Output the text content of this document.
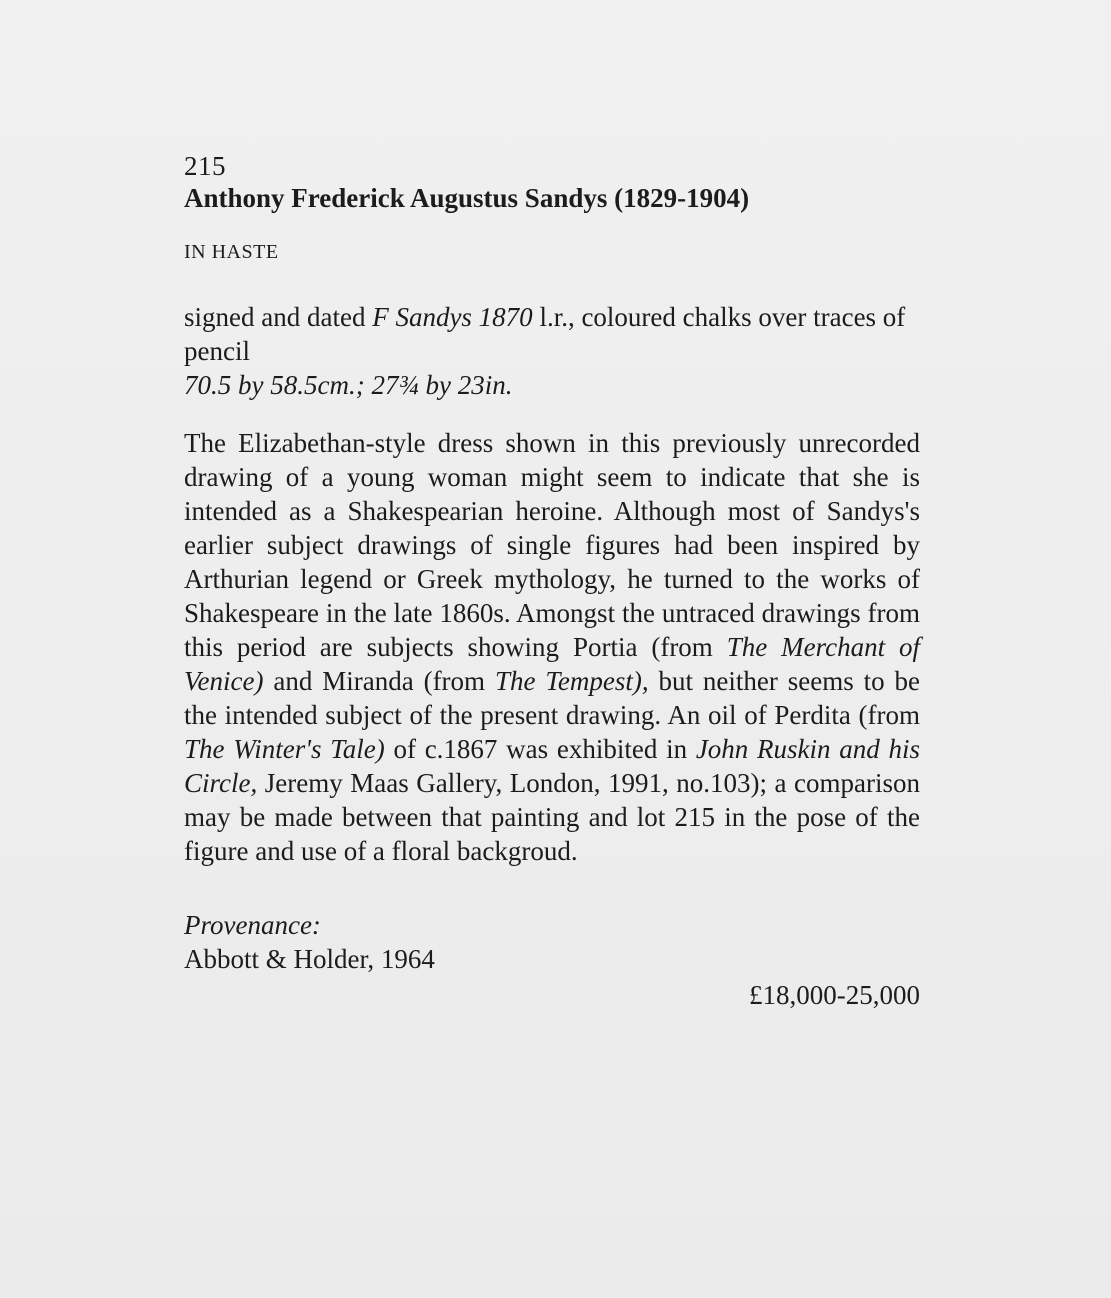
215
Anthony Frederick Augustus Sandys (1829-1904)
IN HASTE

signed and dated F Sandys 1870 l.r., coloured chalks over traces of pencil

70.5 by 58.5cm.; 27¾ by 23in.

The Elizabethan-style dress shown in this previously unrecorded drawing of a young woman might seem to indicate that she is intended as a Shakespearian heroine. Although most of Sandys's earlier subject drawings of single figures had been inspired by Arthurian legend or Greek mythology, he turned to the works of Shakespeare in the late 1860s. Amongst the untraced drawings from this period are subjects showing Portia (from The Merchant of Venice) and Miranda (from The Tempest), but neither seems to be the intended subject of the present drawing. An oil of Perdita (from The Winter's Tale) of c.1867 was exhibited in John Ruskin and his Circle, Jeremy Maas Gallery, London, 1991, no.103); a comparison may be made between that painting and lot 215 in the pose of the figure and use of a floral backgroud.

Provenance:

Abbott & Holder, 1964

£18,000-25,000
